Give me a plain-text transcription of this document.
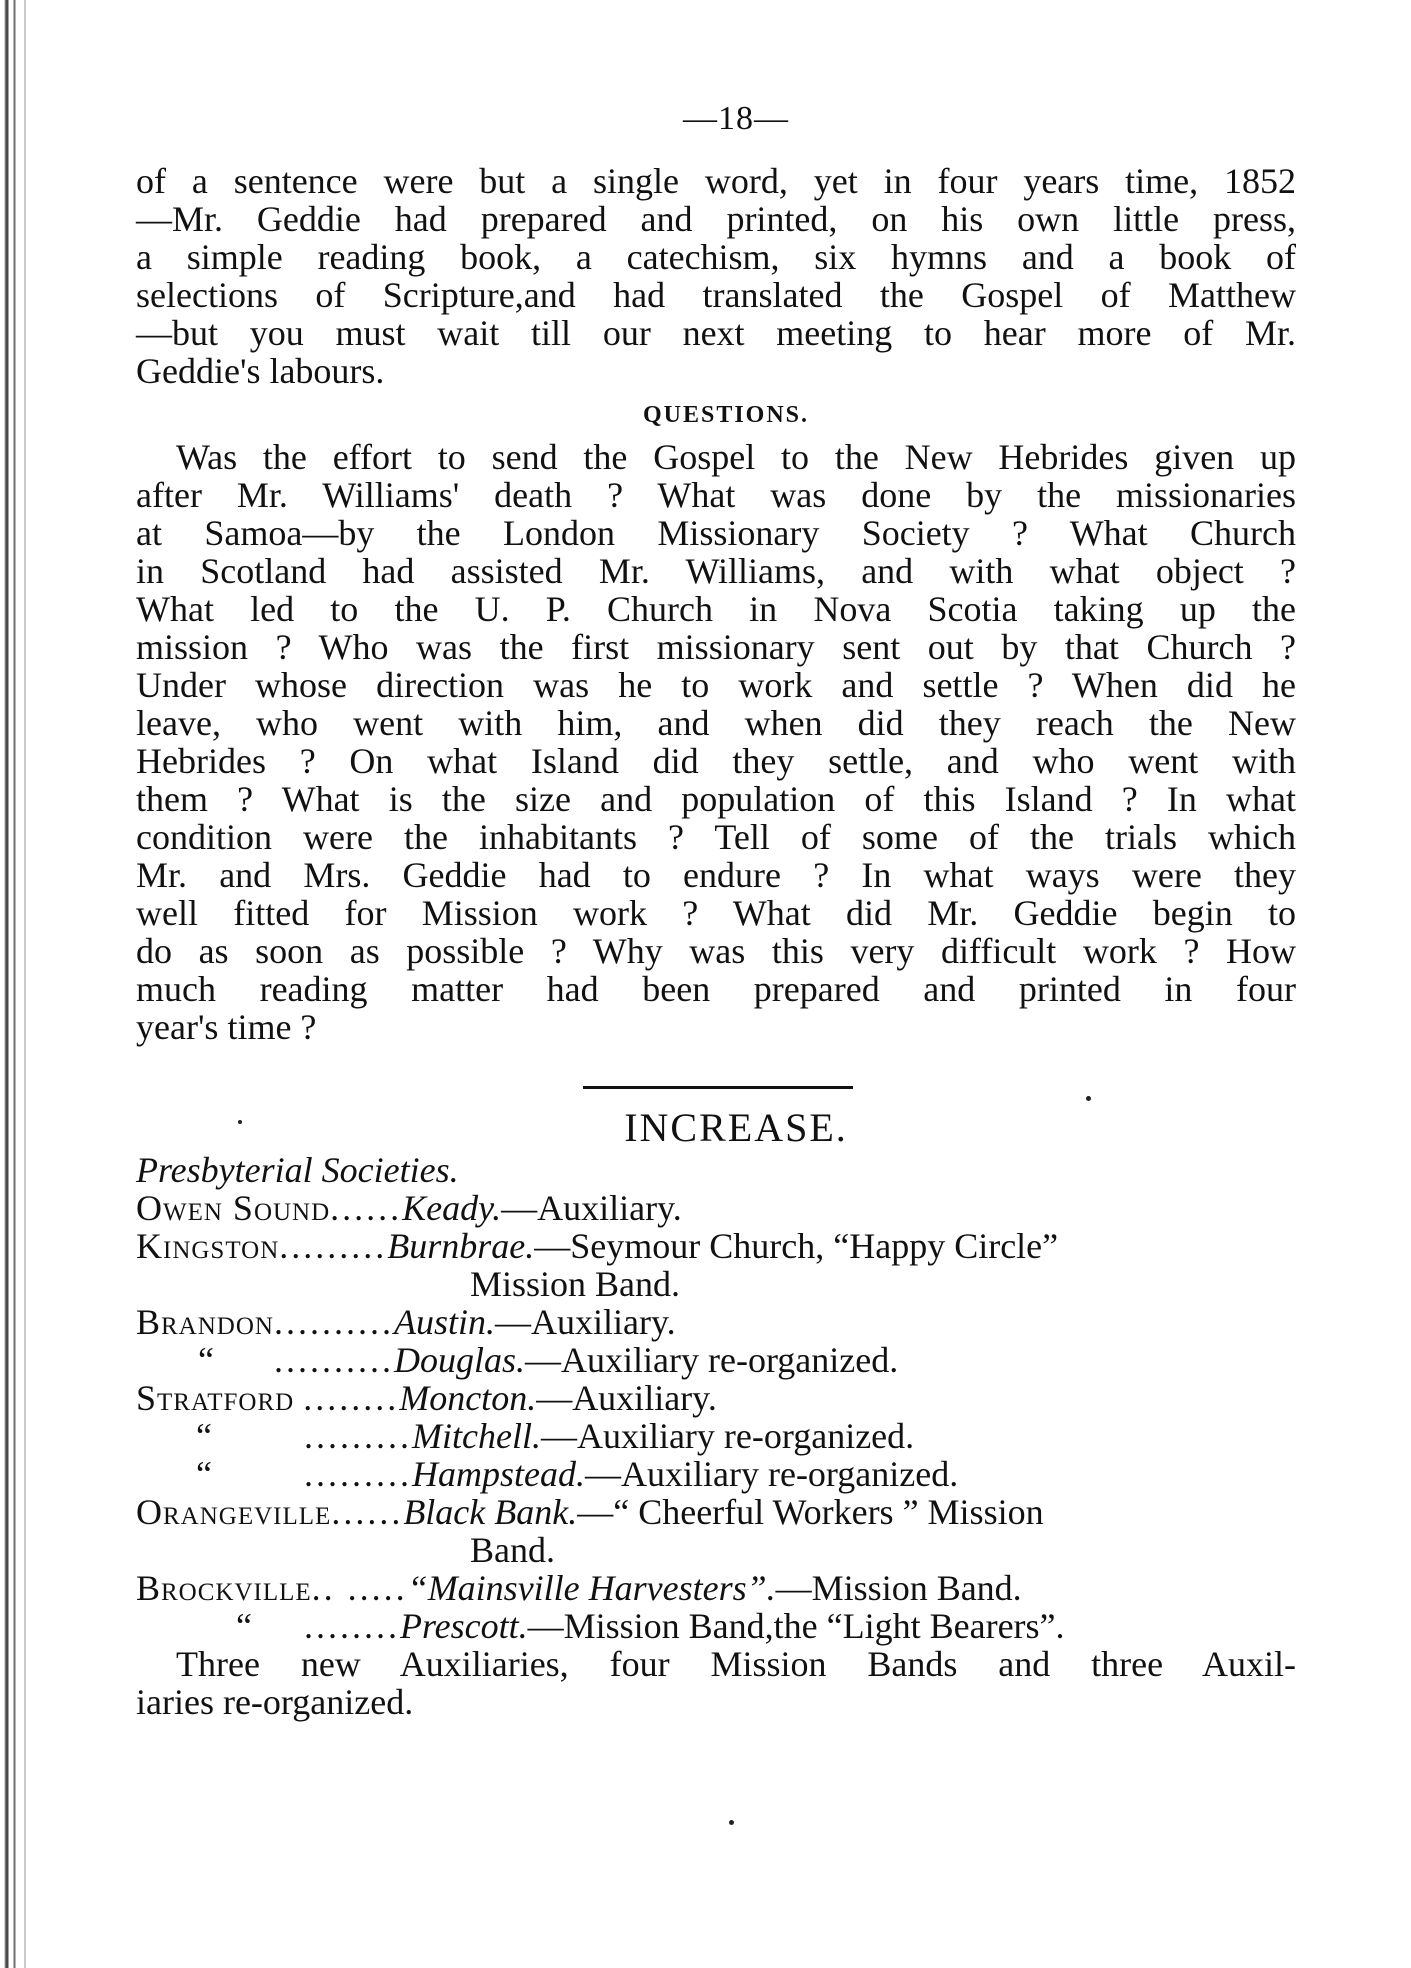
—18—

of a sentence were but a single word, yet in four years time, 1852

—Mr. Geddie had prepared and printed, on his own little press,

a simple reading book, a catechism, six hymns and a book of

selections of Scripture,and had translated the Gospel of Matthew

—but you must wait till our next meeting to hear more of Mr.

Geddie's labours.

QUESTIONS.

Was the effort to send the Gospel to the New Hebrides given up

after Mr. Williams' death ? What was done by the missionaries

at Samoa—by the London Missionary Society ? What Church

in Scotland had assisted Mr. Williams, and with what object ?

What led to the U. P. Church in Nova Scotia taking up the

mission ? Who was the first missionary sent out by that Church ?

Under whose direction was he to work and settle ? When did he

leave, who went with him, and when did they reach the New

Hebrides ? On what Island did they settle, and who went with

them ? What is the size and population of this Island ? In what

condition were the inhabitants ? Tell of some of the trials which

Mr. and Mrs. Geddie had to endure ? In what ways were they

well fitted for Mission work ? What did Mr. Geddie begin to

do as soon as possible ? Why was this very difficult work ? How

much reading matter had been prepared and printed in four

year's time ?

INCREASE.

Presbyterial Societies.

Owen Sound......Keady.—Auxiliary.
Kingston.........Burnbrae.—Seymour Church, “Happy Circle”
Mission Band.
Brandon..........Austin.—Auxiliary.
“ ..........Douglas.—Auxiliary re-organized.
Stratford ........Moncton.—Auxiliary.
“	.........Mitchell.—Auxiliary re-organized.
“	.........Hampstead.—Auxiliary re-organized.
Orangeville......Black Bank.—“ Cheerful Workers ” Mission
Band.
Brockville.. .....“Mainsville Harvesters”.—Mission Band.
“ ........Prescott.—Mission Band,the “Light Bearers”.

Three new Auxiliaries, four Mission Bands and three Auxil-

iaries re-organized.
